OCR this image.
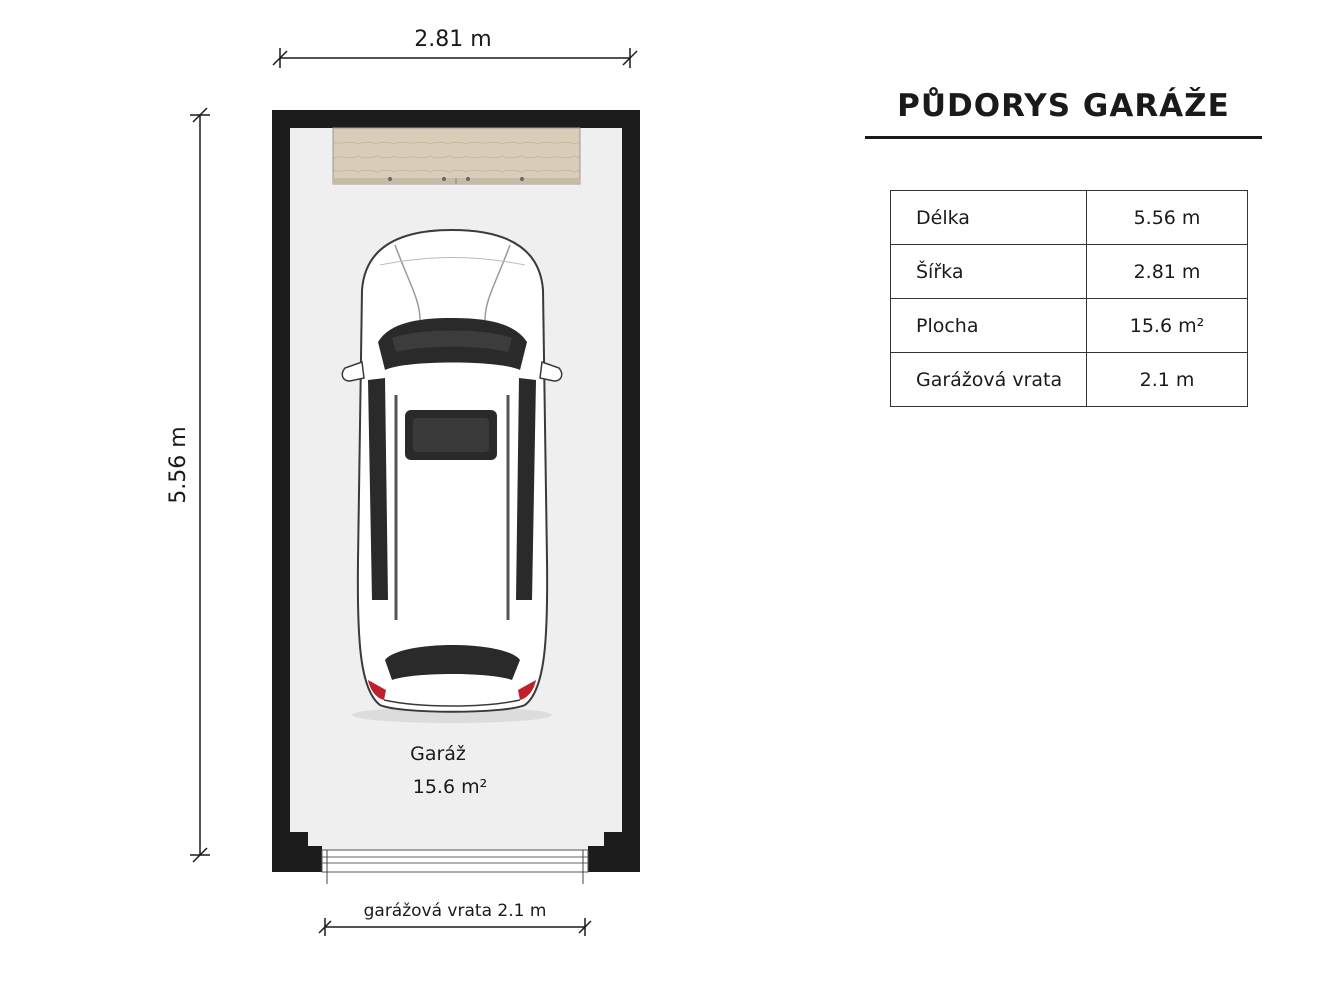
2.81 m
5.56 m
garážová vrata 2.1 m
Garáž
15.6 m²
PŮDORYS GARÁŽE
Délka	5.56 m
Šířka	2.81 m
Plocha	15.6 m²
Garážová vrata	2.1 m
